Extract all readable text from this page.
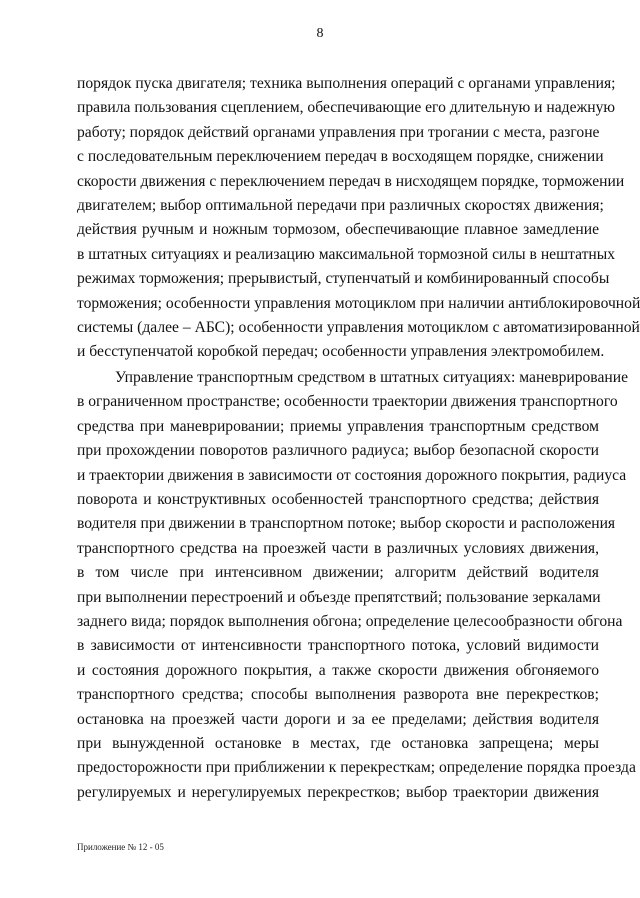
8

порядок пуска двигателя; техника выполнения операций с органами управления;
правила пользования сцеплением, обеспечивающие его длительную и надежную
работу; порядок действий органами управления при трогании с места, разгоне
с последовательным переключением передач в восходящем порядке, снижении
скорости движения с переключением передач в нисходящем порядке, торможении
двигателем; выбор оптимальной передачи при различных скоростях движения;
действия ручным и ножным тормозом, обеспечивающие плавное замедление
в штатных ситуациях и реализацию максимальной тормозной силы в нештатных
режимах торможения; прерывистый, ступенчатый и комбинированный способы
торможения; особенности управления мотоциклом при наличии антиблокировочной
системы (далее – АБС); особенности управления мотоциклом с автоматизированной
и бесступенчатой коробкой передач; особенности управления электромобилем.

Управление транспортным средством в штатных ситуациях: маневрирование
в ограниченном пространстве; особенности траектории движения транспортного
средства при маневрировании; приемы управления транспортным средством
при прохождении поворотов различного радиуса; выбор безопасной скорости
и траектории движения в зависимости от состояния дорожного покрытия, радиуса
поворота и конструктивных особенностей транспортного средства; действия
водителя при движении в транспортном потоке; выбор скорости и расположения
транспортного средства на проезжей части в различных условиях движения,
в том числе при интенсивном движении; алгоритм действий водителя
при выполнении перестроений и объезде препятствий; пользование зеркалами
заднего вида; порядок выполнения обгона; определение целесообразности обгона
в зависимости от интенсивности транспортного потока, условий видимости
и состояния дорожного покрытия, а также скорости движения обгоняемого
транспортного средства; способы выполнения разворота вне перекрестков;
остановка на проезжей части дороги и за ее пределами; действия водителя
при вынужденной остановке в местах, где остановка запрещена; меры
предосторожности при приближении к перекресткам; определение порядка проезда
регулируемых и нерегулируемых перекрестков; выбор траектории движения

Приложение № 12 - 05
